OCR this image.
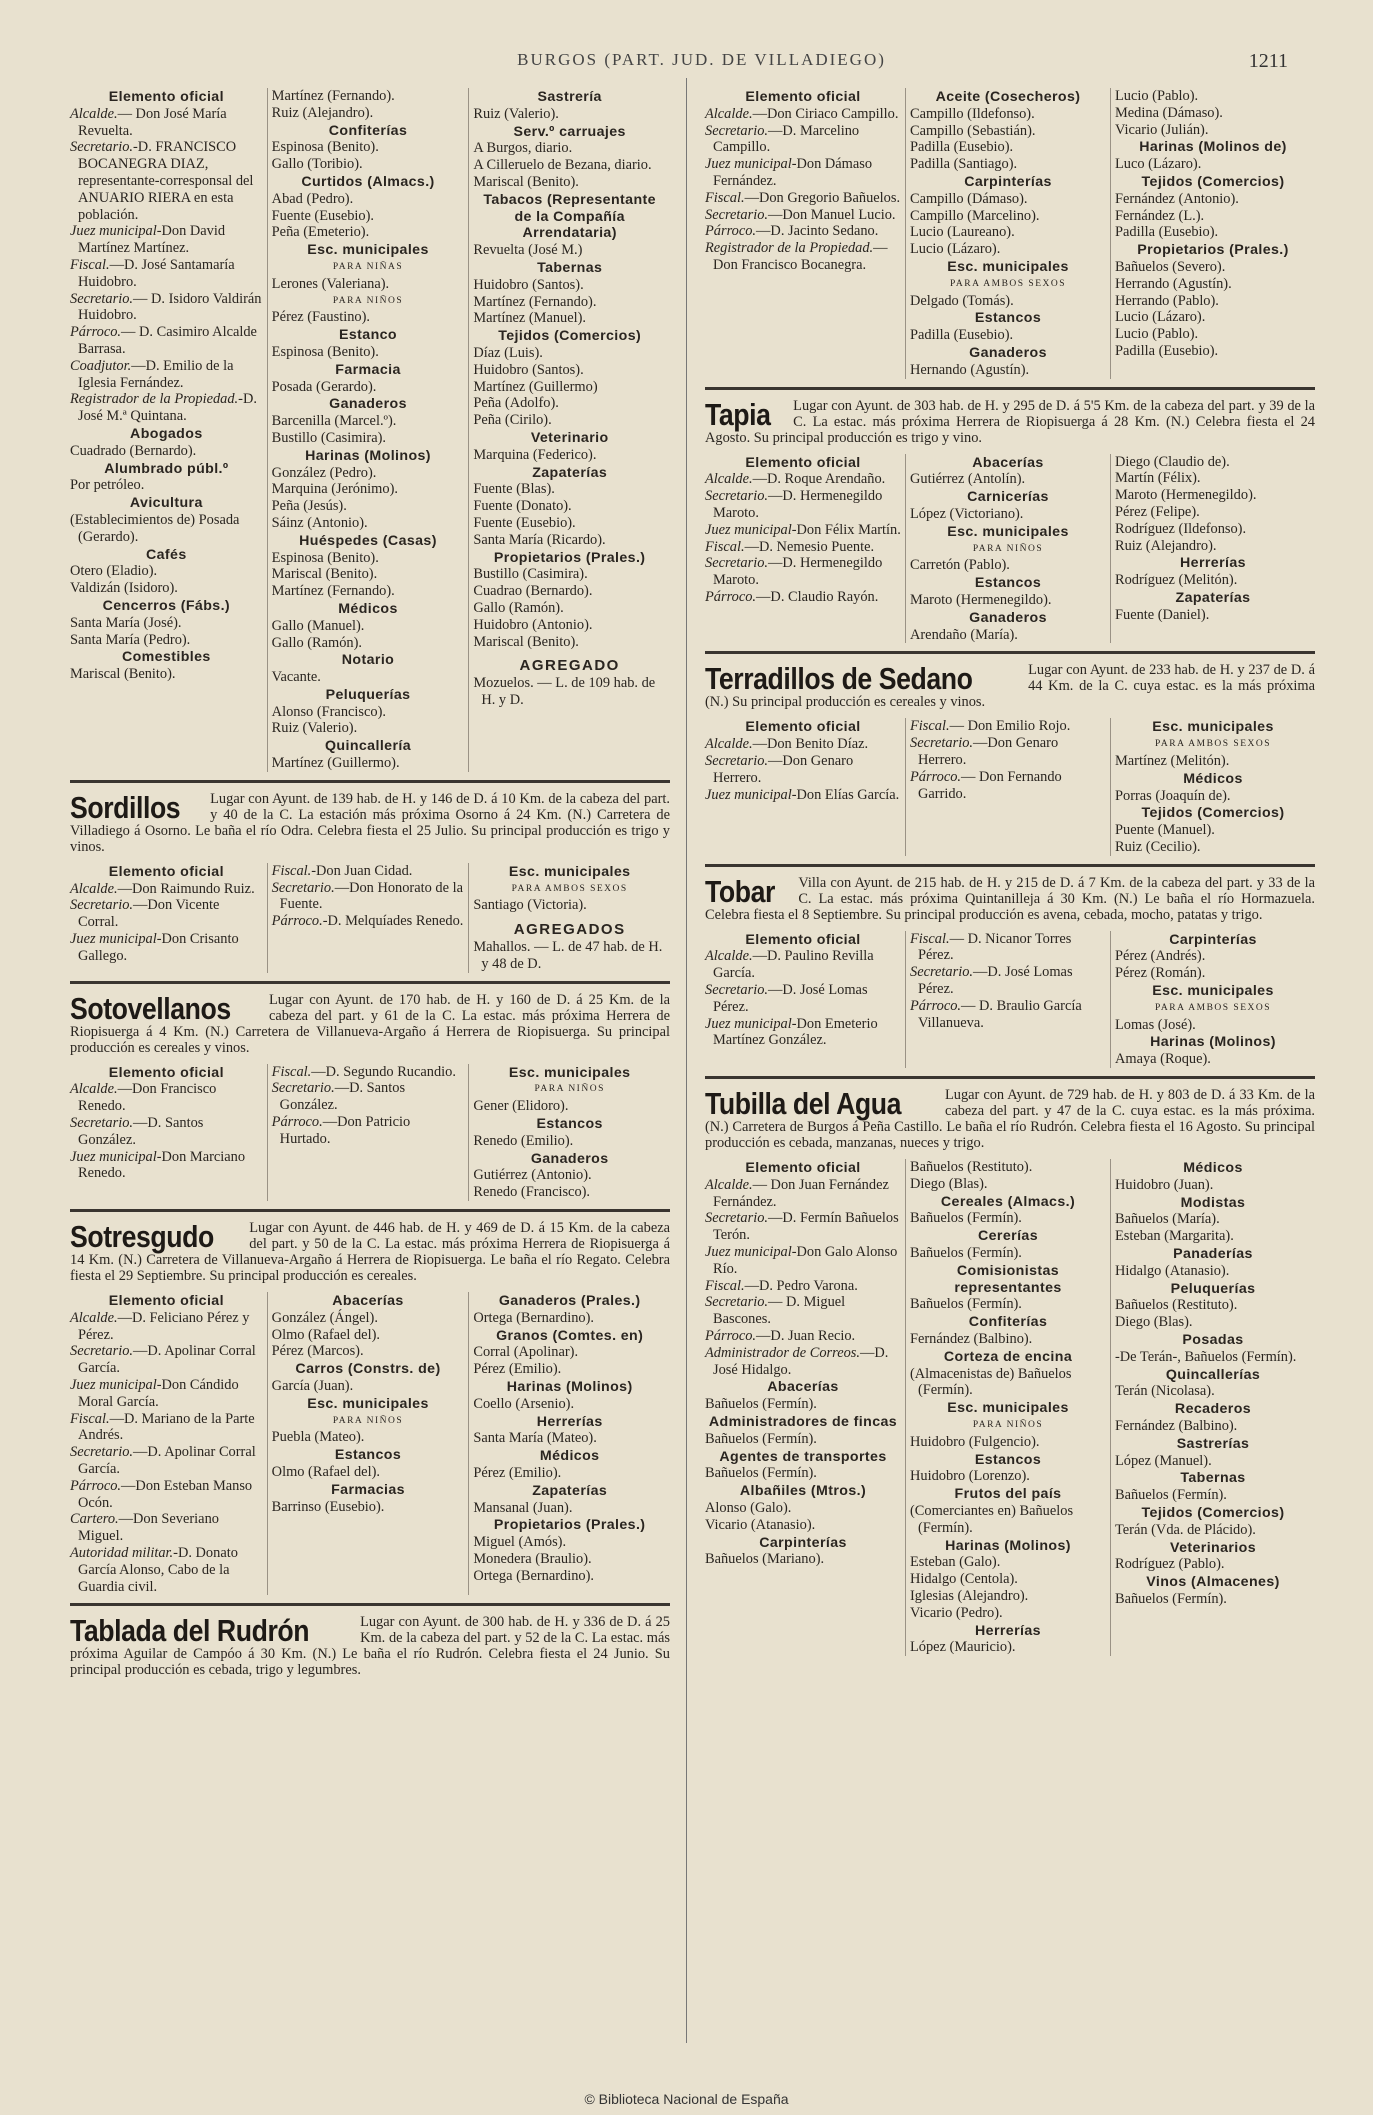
BURGOS (PART. JUD. DE VILLADIEGO)	1211
Elemento oficial
Alcalde.— Don José María Revuelta.
Secretario.-D. FRANCISCO BOCANEGRA DIAZ, representante-corresponsal del ANUARIO RIERA en esta población.
Juez municipal-Don David Martínez Martínez.
Fiscal.—D. José Santamaría Huidobro.
Secretario.— D. Isidoro Valdirán Huidobro.
Párroco.— D. Casimiro Alcalde Barrasa.
Coadjutor.—D. Emilio de la Iglesia Fernández.
Registrador de la Propiedad.-D. José M.ª Quintana.
Abogados
Cuadrado (Bernardo).
Alumbrado públ.º
Por petróleo.
Avicultura
(Establecimientos de) Posada (Gerardo).
Cafés
Otero (Eladio).
Valdizán (Isidoro).
Cencerros (Fábs.)
Santa María (José).
Santa María (Pedro).
Comestibles
Mariscal (Benito).
Martínez (Fernando).
Ruiz (Alejandro).
Confiterías
Espinosa (Benito).
Gallo (Toribio).
Curtidos (Almacs.)
Abad (Pedro).
Fuente (Eusebio).
Peña (Emeterio).
Esc. municipales
PARA NIÑAS
Lerones (Valeriana).
PARA NIÑOS
Pérez (Faustino).
Estanco
Espinosa (Benito).
Farmacia
Posada (Gerardo).
Ganaderos
Barcenilla (Marcel.º).
Bustillo (Casimira).
Harinas (Molinos)
González (Pedro).
Marquina (Jerónimo).
Peña (Jesús).
Sáinz (Antonio).
Huéspedes (Casas)
Espinosa (Benito).
Mariscal (Benito).
Martínez (Fernando).
Médicos
Gallo (Manuel).
Gallo (Ramón).
Notario
Vacante.
Peluquerías
Alonso (Francisco).
Ruiz (Valerio).
Quincallería
Martínez (Guillermo).
Sastrería
Ruiz (Valerio).
Serv.º carruajes
A Burgos, diario.
A Cilleruelo de Bezana, diario.
Mariscal (Benito).
Tabacos (Representante de la Compañía Arrendataria)
Revuelta (José M.)
Tabernas
Huidobro (Santos).
Martínez (Fernando).
Martínez (Manuel).
Tejidos (Comercios)
Díaz (Luis).
Huidobro (Santos).
Martínez (Guillermo)
Peña (Adolfo).
Peña (Cirilo).
Veterinario
Marquina (Federico).
Zapaterías
Fuente (Blas).
Fuente (Donato).
Fuente (Eusebio).
Santa María (Ricardo).
Propietarios (Prales.)
Bustillo (Casimira).
Cuadrao (Bernardo).
Gallo (Ramón).
Huidobro (Antonio).
Mariscal (Benito).
AGREGADO
Mozuelos. — L. de 109 hab. de H. y D.
Sordillos Lugar con Ayunt. de 139 hab. de H. y 146 de D. á 10 Km. de la cabeza del part. y 40 de la C. La estación más próxima Osorno á 24 Km. (N.) Carretera de Villadiego á Osorno. Le baña el río Odra. Celebra fiesta el 25 Julio. Su principal producción es trigo y vinos.
Elemento oficial
Alcalde.—Don Raimundo Ruiz.
Secretario.—Don Vicente Corral.
Juez municipal-Don Crisanto Gallego.
Fiscal.-Don Juan Cidad.
Secretario.—Don Honorato de la Fuente.
Párroco.-D. Melquíades Renedo.
Esc. municipales
PARA AMBOS SEXOS
Santiago (Victoria).
AGREGADOS
Mahallos. — L. de 47 hab. de H. y 48 de D.
Sotovellanos	Lugar con Ayunt. de 170 hab. de H. y 160 de D. á 25 Km. de la cabeza del part. y 61 de la C. La estac. más próxima Herrera de Riopisuerga á 4 Km. (N.) Carretera de Villanueva-Argaño á Herrera de Riopisuerga. Su principal producción es cereales y vinos.
Elemento oficial
Alcalde.—Don Francisco Renedo.
Secretario.—D. Santos González.
Juez municipal-Don Marciano Renedo.
Fiscal.—D. Segundo Rucandio.
Secretario.—D. Santos González.
Párroco.—Don Patricio Hurtado.
Esc. municipales
PARA NIÑOS
Gener (Elidoro).
Estancos
Renedo (Emilio).
Ganaderos
Gutiérrez (Antonio).
Renedo (Francisco).
Sotresgudo Lugar con Ayunt. de 446 hab. de H. y 469 de D. á 15 Km. de la cabeza del part. y 50 de la C. La estac. más próxima Herrera de Riopisuerga á 14 Km. (N.) Carretera de Villanueva-Argaño á Herrera de Riopisuerga. Le baña el río Regato. Celebra fiesta el 29 Septiembre. Su principal producción es cereales.
Elemento oficial
Alcalde.—D. Feliciano Pérez y Pérez.
Secretario.—D. Apolinar Corral García.
Juez municipal-Don Cándido Moral García.
Fiscal.—D. Mariano de la Parte Andrés.
Secretario.—D. Apolinar Corral García.
Párroco.—Don Esteban Manso Ocón.
Cartero.—Don Severiano Miguel.
Autoridad militar.-D. Donato García Alonso, Cabo de la Guardia civil.
Abacerías
González (Ángel).
Olmo (Rafael del).
Pérez (Marcos).
Carros (Constrs. de)
García (Juan).
Esc. municipales
PARA NIÑOS
Puebla (Mateo).
Estancos
Olmo (Rafael del).
Farmacias
Barrinso (Eusebio).
Ganaderos (Prales.)
Ortega (Bernardino).
Granos (Comtes. en)
Corral (Apolinar).
Pérez (Emilio).
Harinas (Molinos)
Coello (Arsenio).
Herrerías
Santa María (Mateo).
Médicos
Pérez (Emilio).
Zapaterías
Mansanal (Juan).
Propietarios (Prales.)
Miguel (Amós).
Monedera (Braulio).
Ortega (Bernardino).
Tablada del Rudrón	Lugar con Ayunt. de 300 hab. de H. y 336 de D. á 25 Km. de la cabeza del part. y 52 de la C. La estac. más próxima Aguilar de Campóo á 30 Km. (N.) Le baña el río Rudrón. Celebra fiesta el 24 Junio. Su principal producción es cebada, trigo y legumbres.
Elemento oficial
Alcalde.—Don Ciriaco Campillo.
Secretario.—D. Marcelino Campillo.
Juez municipal-Don Dámaso Fernández.
Fiscal.—Don Gregorio Bañuelos.
Secretario.—Don Manuel Lucio.
Párroco.—D. Jacinto Sedano.
Registrador de la Propiedad.— Don Francisco Bocanegra.
Aceite (Cosecheros)
Campillo (Ildefonso).
Campillo (Sebastián).
Padilla (Eusebio).
Padilla (Santiago).
Carpinterías
Campillo (Dámaso).
Campillo (Marcelino).
Lucio (Laureano).
Lucio (Lázaro).
Esc. municipales
PARA AMBOS SEXOS
Delgado (Tomás).
Estancos
Padilla (Eusebio).
Ganaderos
Hernando (Agustín).
Lucio (Pablo).
Medina (Dámaso).
Vicario (Julián).
Harinas (Molinos de)
Luco (Lázaro).
Tejidos (Comercios)
Fernández (Antonio).
Fernández (L.).
Padilla (Eusebio).
Propietarios (Prales.)
Bañuelos (Severo).
Herrando (Agustín).
Herrando (Pablo).
Lucio (Lázaro).
Lucio (Pablo).
Padilla (Eusebio).
Tapia Lugar con Ayunt. de 303 hab. de H. y 295 de D. á 5'5 Km. de la cabeza del part. y 39 de la C. La estac. más próxima Herrera de Riopisuerga á 28 Km. (N.) Celebra fiesta el 24 Agosto. Su principal producción es trigo y vino.
Elemento oficial
Alcalde.—D. Roque Arendaño.
Secretario.—D. Hermenegildo Maroto.
Juez municipal-Don Félix Martín.
Fiscal.—D. Nemesio Puente.
Secretario.—D. Hermenegildo Maroto.
Párroco.—D. Claudio Rayón.
Abacerías
Gutiérrez (Antolín).
Carnicerías
López (Victoriano).
Esc. municipales
PARA NIÑOS
Carretón (Pablo).
Estancos
Maroto (Hermenegildo).
Ganaderos
Arendaño (María).
Diego (Claudio de).
Martín (Félix).
Maroto (Hermenegildo).
Pérez (Felipe).
Rodríguez (Ildefonso).
Ruiz (Alejandro).
Herrerías
Rodríguez (Melitón).
Zapaterías
Fuente (Daniel).
Terradillos de Sedano	Lugar con Ayunt. de 233 hab. de H. y 237 de D. á 44 Km. de la C. cuya estac. es la más próxima (N.) Su principal producción es cereales y vinos.
Elemento oficial
Alcalde.—Don Benito Díaz.
Secretario.—Don Genaro Herrero.
Juez municipal-Don Elías García.
Fiscal.— Don Emilio Rojo.
Secretario.—Don Genaro Herrero.
Párroco.— Don Fernando Garrido.
Esc. municipales
PARA AMBOS SEXOS
Martínez (Melitón).
Médicos
Porras (Joaquín de).
Tejidos (Comercios)
Puente (Manuel).
Ruiz (Cecilio).
Tobar Villa con Ayunt. de 215 hab. de H. y 215 de D. á 7 Km. de la cabeza del part. y 33 de la C. La estac. más próxima Quintanilleja á 30 Km. (N.) Le baña el río Hormazuela. Celebra fiesta el 8 Septiembre. Su principal producción es avena, cebada, mocho, patatas y trigo.
Elemento oficial
Alcalde.—D. Paulino Revilla García.
Secretario.—D. José Lomas Pérez.
Juez municipal-Don Emeterio Martínez González.
Fiscal.— D. Nicanor Torres Pérez.
Secretario.—D. José Lomas Pérez.
Párroco.— D. Braulio García Villanueva.
Carpinterías
Pérez (Andrés).
Pérez (Román).
Esc. municipales
PARA AMBOS SEXOS
Lomas (José).
Harinas (Molinos)
Amaya (Roque).
Tubilla del Agua	Lugar con Ayunt. de 729 hab. de H. y 803 de D. á 33 Km. de la cabeza del part. y 47 de la C. cuya estac. es la más próxima. (N.) Carretera de Burgos á Peña Castillo. Le baña el río Rudrón. Celebra fiesta el 16 Agosto. Su principal producción es cebada, manzanas, nueces y trigo.
Elemento oficial
Alcalde.— Don Juan Fernández Fernández.
Secretario.—D. Fermín Bañuelos Terón.
Juez municipal-Don Galo Alonso Río.
Fiscal.—D. Pedro Varona.
Secretario.— D. Miguel Bascones.
Párroco.—D. Juan Recio.
Administrador de Correos.—D. José Hidalgo.
Abacerías
Bañuelos (Fermín).
Administradores de fincas
Bañuelos (Fermín).
Agentes de transportes
Bañuelos (Fermín).
Albañiles (Mtros.)
Alonso (Galo).
Vicario (Atanasio).
Carpinterías
Bañuelos (Mariano).
Bañuelos (Restituto).
Diego (Blas).
Cereales (Almacs.)
Bañuelos (Fermín).
Cererías
Bañuelos (Fermín).
Comisionistas representantes
Bañuelos (Fermín).
Confiterías
Fernández (Balbino).
Corteza de encina
(Almacenistas de) Bañuelos (Fermín).
Esc. municipales
PARA NIÑOS
Huidobro (Fulgencio).
Estancos
Huidobro (Lorenzo).
Frutos del país
(Comerciantes en) Bañuelos (Fermín).
Harinas (Molinos)
Esteban (Galo).
Hidalgo (Centola).
Iglesias (Alejandro).
Vicario (Pedro).
Herrerías
López (Mauricio).
Médicos
Huidobro (Juan).
Modistas
Bañuelos (María).
Esteban (Margarita).
Panaderías
Hidalgo (Atanasio).
Peluquerías
Bañuelos (Restituto).
Diego (Blas).
Posadas
-De Terán-, Bañuelos (Fermín).
Quincallerías
Terán (Nicolasa).
Recaderos
Fernández (Balbino).
Sastrerías
López (Manuel).
Tabernas
Bañuelos (Fermín).
Tejidos (Comercios)
Terán (Vda. de Plácido).
Veterinarios
Rodríguez (Pablo).
Vinos (Almacenes)
Bañuelos (Fermín).
© Biblioteca Nacional de España
